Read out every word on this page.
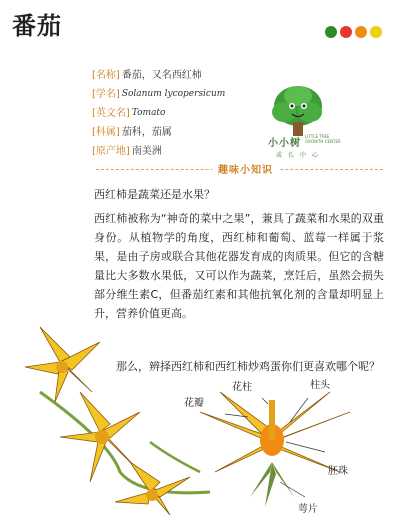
番茄
[名称] 番茄，又名西红柿
[学名] Solanum lycopersicum
[英文名] Tomato
[科属] 茄科，茄属
[原产地] 南美洲
小小树
LITTLE TREE GROWTH CENTER
成长中心
趣味小知识
西红柿是蔬菜还是水果？
西红柿被称为“神奇的菜中之果”，兼具了蔬菜和水果的双重身份。从植物学的角度，西红柿和葡萄、蓝莓一样属于浆果，是由子房或联合其他花器发育成的肉质果。但它的含糖量比大多数水果低，又可以作为蔬菜，烹饪后，虽然会损失部分维生素C，但番茄红素和其他抗氧化剂的含量却明显上升，营养价值更高。
那么，辨择西红柿和西红柿炒鸡蛋你们更喜欢哪个呢？
花柱	柱头
花瓣
胚珠
萼片
